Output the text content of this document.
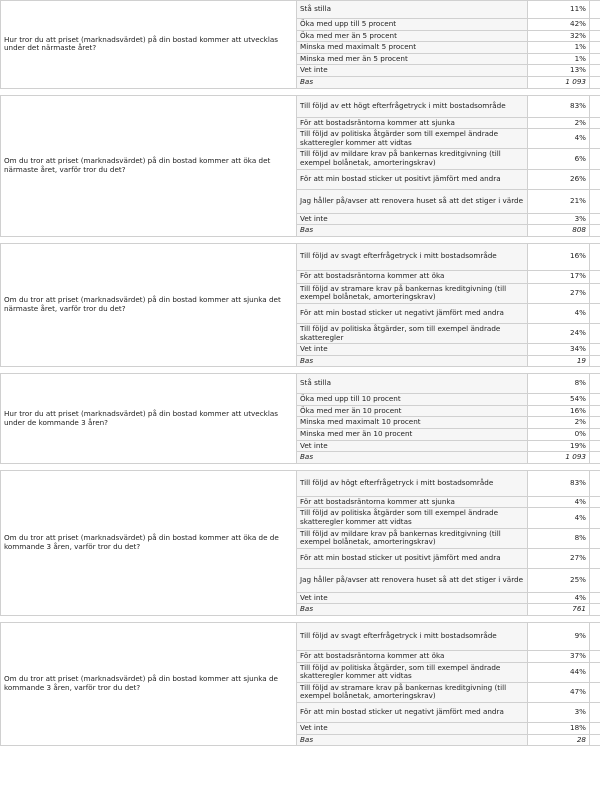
Hur tror du att priset (marknadsvärdet) på din bostad kommer att utvecklas under det närmaste året?	Stå stilla	11%	
	Öka med upp till 5 procent	42%	
	Öka med mer än 5 procent	32%	
	Minska med maximalt 5 procent	1%	
	Minska med mer än 5 procent	1%	
	Vet inte	13%	
	Bas	1 093	

Om du tror att priset (marknadsvärdet) på din bostad kommer att öka det närmaste året, varför tror du det?	Till följd av ett högt efterfrågetryck i mitt bostadsområde	83%	
	För att bostadsräntorna kommer att sjunka	2%	
	Till följd av politiska åtgärder som till exempel ändrade skatteregler kommer att vidtas	4%	
	Till följd av mildare krav på bankernas kreditgivning (till exempel bolånetak, amorteringskrav)	6%	
	För att min bostad sticker ut positivt jämfört med andra	26%	
	Jag håller på/avser att renovera huset så att det stiger i värde	21%	
	Vet inte	3%	
	Bas	808	

Om du tror att priset (marknadsvärdet) på din bostad kommer att sjunka det närmaste året, varför tror du det?	Till följd av svagt efterfrågetryck i mitt bostadsområde	16%	
	För att bostadsräntorna kommer att öka	17%	
	Till följd av stramare krav på bankernas kreditgivning (till exempel bolånetak, amorteringskrav)	27%	
	För att min bostad sticker ut negativt jämfört med andra	4%	
	Till följd av politiska åtgärder, som till exempel ändrade skatteregler	24%	
	Vet inte	34%	
	Bas	19	

Hur tror du att priset (marknadsvärdet) på din bostad kommer att utvecklas under de kommande 3 åren?	Stå stilla	8%	
	Öka med upp till 10 procent	54%	
	Öka med mer än 10 procent	16%	
	Minska med maximalt 10 procent	2%	
	Minska med mer än 10 procent	0%	
	Vet inte	19%	
	Bas	1 093	

Om du tror att priset (marknadsvärdet) på din bostad kommer att öka de de kommande 3 åren, varför tror du det?	Till följd av högt efterfrågetryck i mitt bostadsområde	83%	
	För att bostadsräntorna kommer att sjunka	4%	
	Till följd av politiska åtgärder som till exempel ändrade skatteregler kommer att vidtas	4%	
	Till följd av mildare krav på bankernas kreditgivning (till exempel bolånetak, amorteringskrav)	8%	
	För att min bostad sticker ut positivt jämfört med andra	27%	
	Jag håller på/avser att renovera huset så att det stiger i värde	25%	
	Vet inte	4%	
	Bas	761	

Om du tror att priset (marknadsvärdet) på din bostad kommer att sjunka de kommande 3 åren, varför tror du det?	Till följd av svagt efterfrågetryck i mitt bostadsområde	9%	
	För att bostadsräntorna kommer att öka	37%	
	Till följd av politiska åtgärder, som till exempel ändrade skatteregler kommer att vidtas	44%	
	Till följd av stramare krav på bankernas kreditgivning (till exempel bolånetak, amorteringskrav)	47%	
	För att min bostad sticker ut negativt jämfört med andra	3%	
	Vet inte	18%	
	Bas	28	
